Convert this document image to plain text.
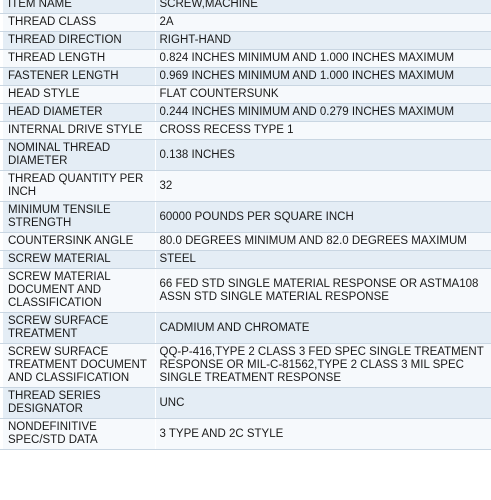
	ITEM NAME	SCREW,MACHINE
	THREAD CLASS	2A
	THREAD DIRECTION	RIGHT-HAND
	THREAD LENGTH	0.824 INCHES MINIMUM AND 1.000 INCHES MAXIMUM
	FASTENER LENGTH	0.969 INCHES MINIMUM AND 1.000 INCHES MAXIMUM
	HEAD STYLE	FLAT COUNTERSUNK
	HEAD DIAMETER	0.244 INCHES MINIMUM AND 0.279 INCHES MAXIMUM
	INTERNAL DRIVE STYLE	CROSS RECESS TYPE 1
	NOMINAL THREAD DIAMETER	0.138 INCHES
	THREAD QUANTITY PER INCH	32
	MINIMUM TENSILE STRENGTH	60000 POUNDS PER SQUARE INCH
	COUNTERSINK ANGLE	80.0 DEGREES MINIMUM AND 82.0 DEGREES MAXIMUM
	SCREW MATERIAL	STEEL
	SCREW MATERIAL DOCUMENT AND CLASSIFICATION	66 FED STD SINGLE MATERIAL RESPONSE OR ASTMA108 ASSN STD SINGLE MATERIAL RESPONSE
	SCREW SURFACE TREATMENT	CADMIUM AND CHROMATE
	SCREW SURFACE TREATMENT DOCUMENT AND CLASSIFICATION	QQ-P-416,TYPE 2 CLASS 3 FED SPEC SINGLE TREATMENT RESPONSE OR MIL-C-81562,TYPE 2 CLASS 3 MIL SPEC SINGLE TREATMENT RESPONSE
	THREAD SERIES DESIGNATOR	UNC
	NONDEFINITIVE SPEC/STD DATA	3 TYPE AND 2C STYLE
